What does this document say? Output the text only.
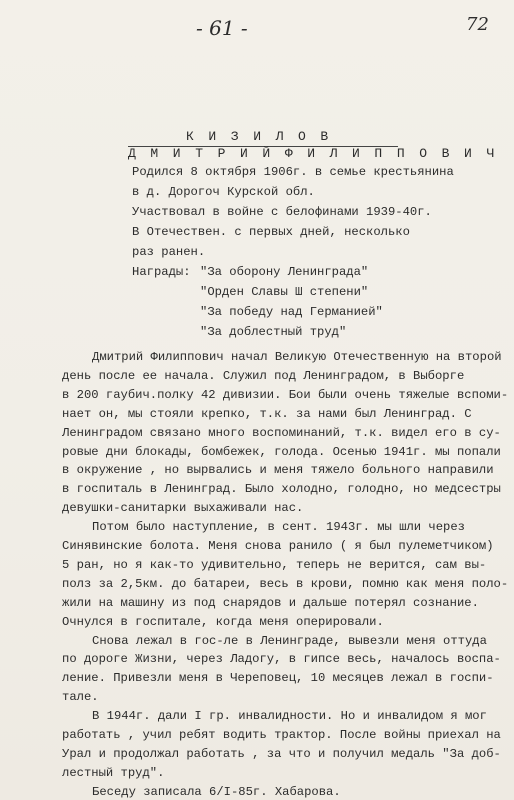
- 61 -	72
К И З И Л О В
Д М И Т Р И Й Ф И Л И П П О В И Ч
Родился 8 октября 1906г. в семье крестьянина
в д. Дорогоч Курской обл.
Участвовал в войне с белофинами 1939-40г.
В Отечествен. с первых дней, несколько
раз ранен.
Награды: "За оборону Ленинграда"
"Орден Славы Ш степени"
"За победу над Германией"
"За доблестный труд"
Дмитрий Филиппович начал Великую Отечественную на второй
день после ее начала. Служил под Ленинградом, в Выборге
в 200 гаубич.полку 42 дивизии. Бои были очень тяжелые вспоми-
нает он, мы стояли крепко, т.к. за нами был Ленинград. С
Ленинградом связано много воспоминаний, т.к. видел его в су-
ровые дни блокады, бомбежек, голода. Осенью 1941г. мы попали
в окружение , но вырвались и меня тяжело больного направили
в госпиталь в Ленинград. Было холодно, голодно, но медсестры
девушки-санитарки выхаживали нас.
Потом было наступление, в сент. 1943г. мы шли через
Синявинские болота. Меня снова ранило ( я был пулеметчиком)
5 ран, но я как-то удивительно, теперь не верится, сам вы-
полз за 2,5км. до батареи, весь в крови, помню как меня поло-
жили на машину из под снарядов и дальше потерял сознание.
Очнулся в госпитале, когда меня оперировали.
Снова лежал в гос-ле в Ленинграде, вывезли меня оттуда
по дороге Жизни, через Ладогу, в гипсе весь, началось воспа-
ление. Привезли меня в Череповец, 10 месяцев лежал в госпи-
тале.
В 1944г. дали I гр. инвалидности. Но и инвалидом я мог
работать , учил ребят водить трактор. После войны приехал на
Урал и продолжал работать , за что и получил медаль "За доб-
лестный труд".
Беседу записала 6/I-85г. Хабарова.
